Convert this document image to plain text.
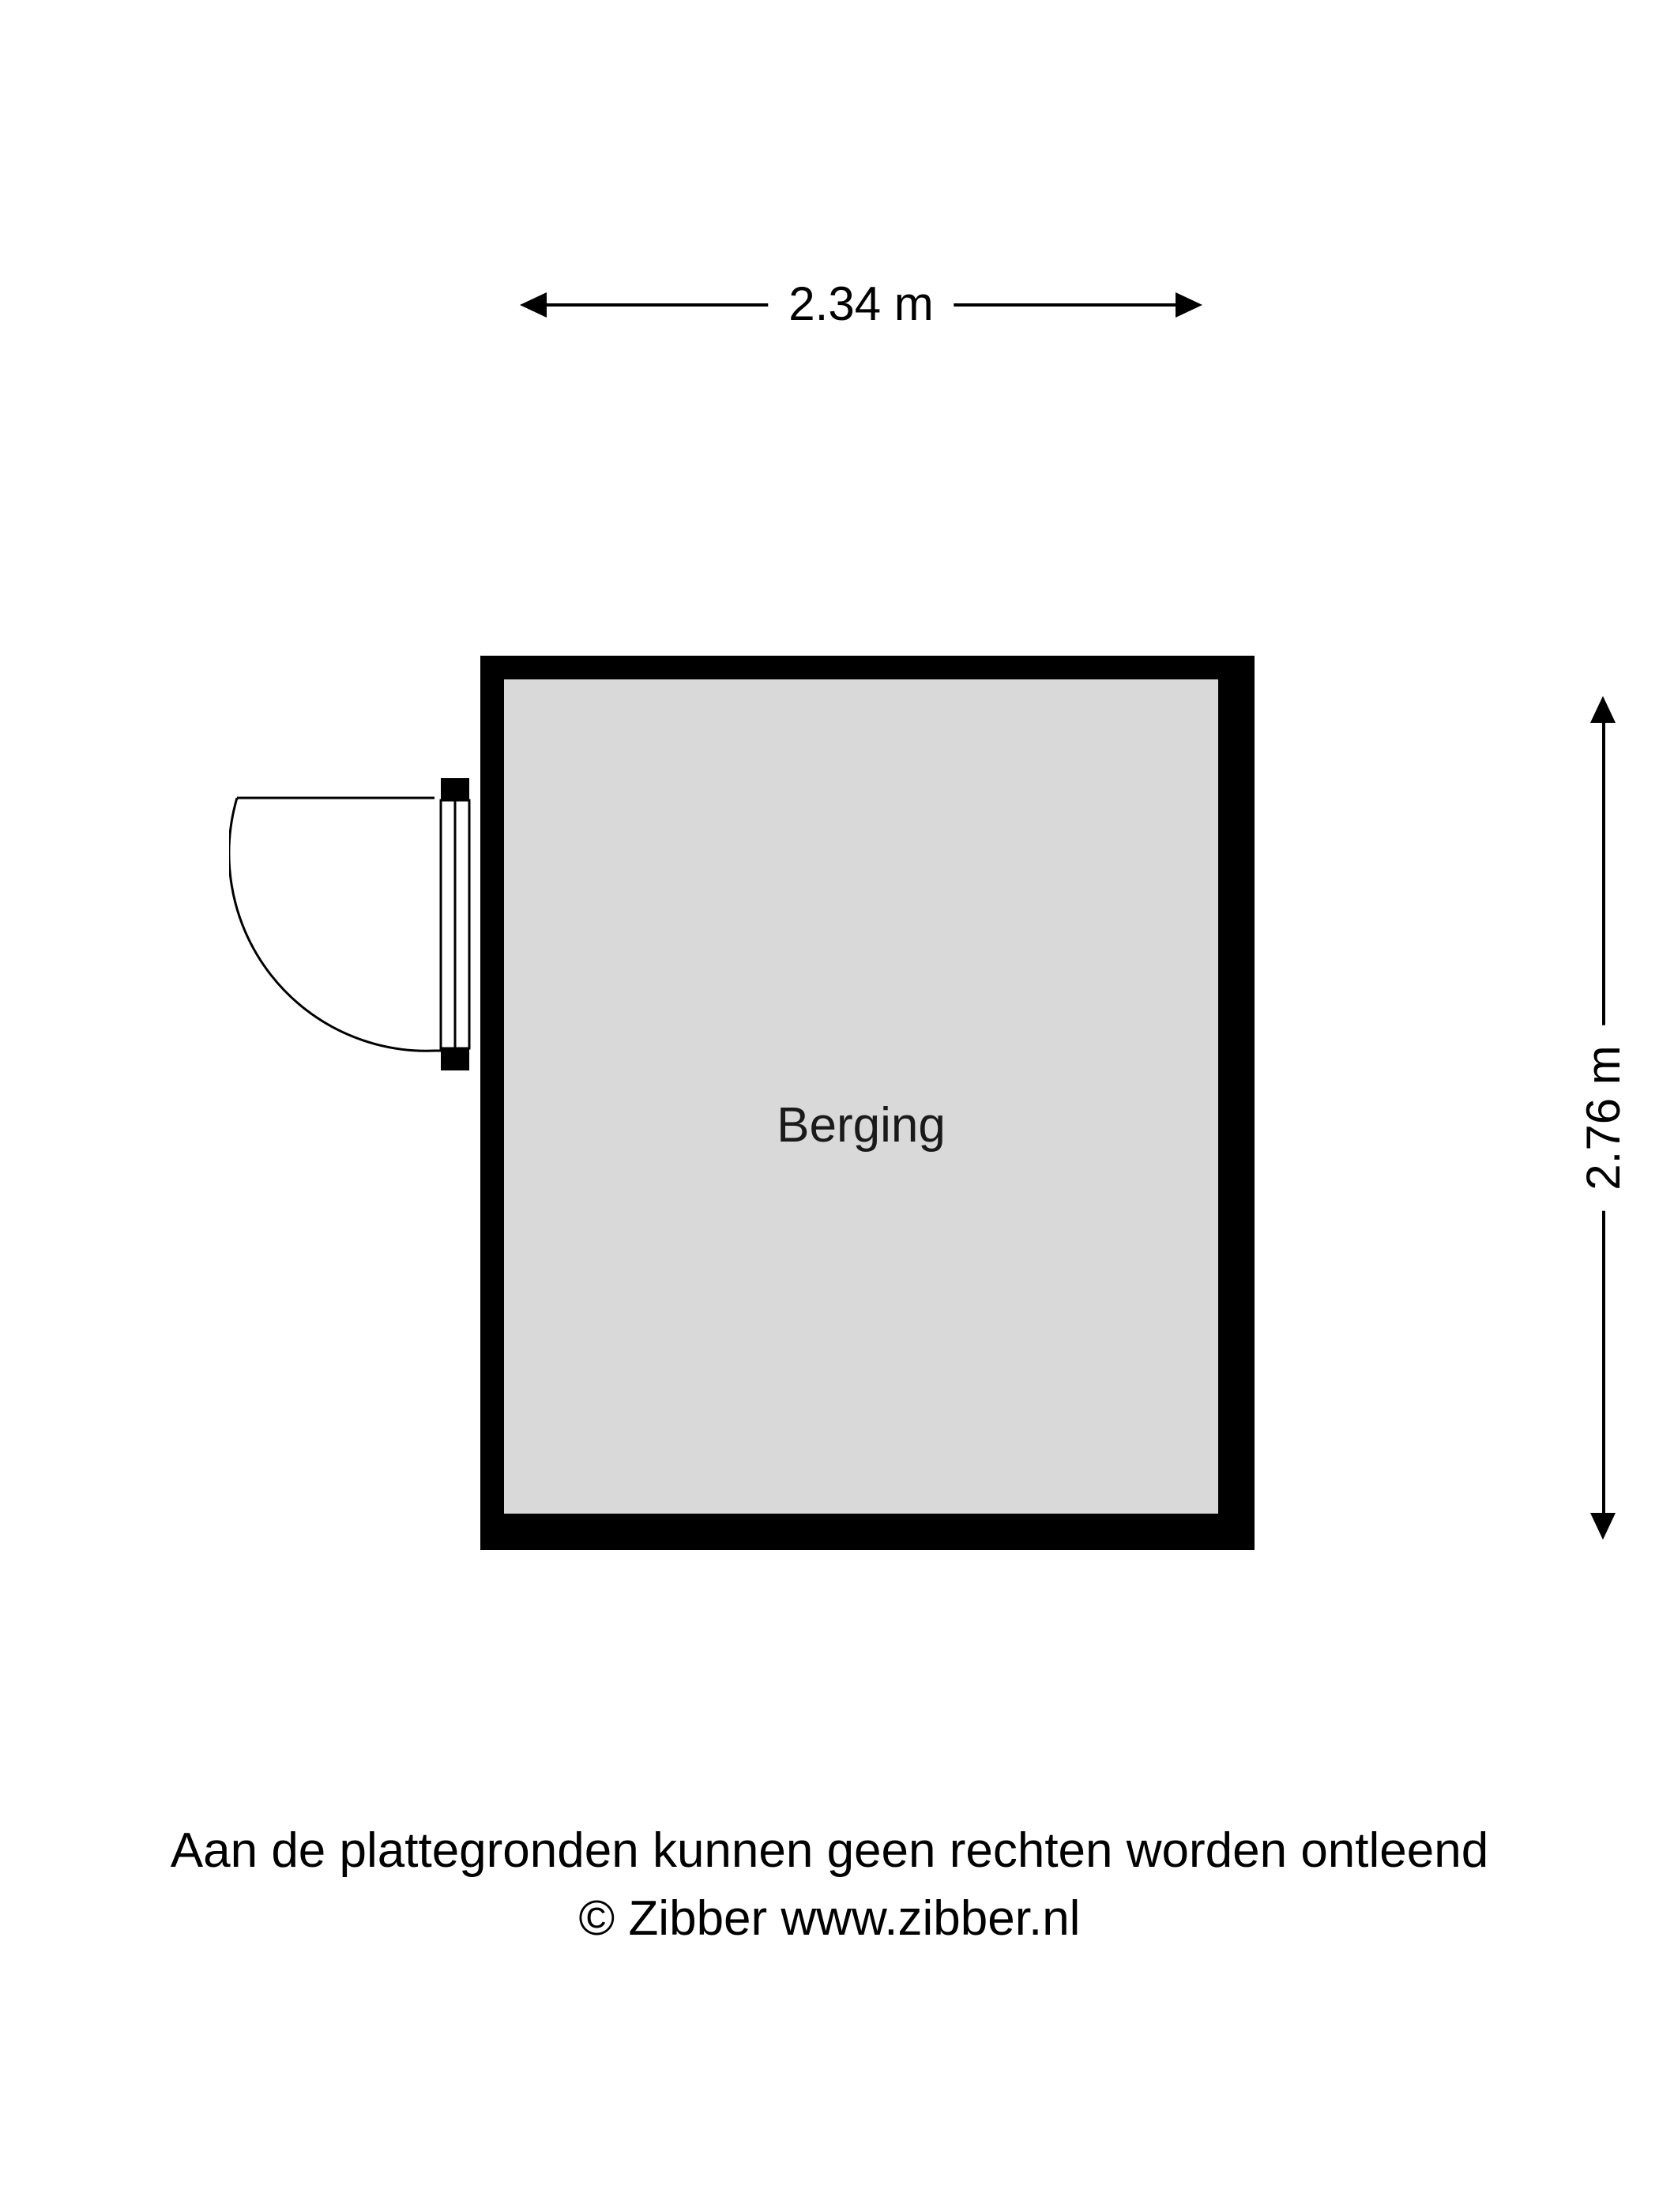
2.34 m
2.76 m
Berging
Aan de plattegronden kunnen geen rechten worden ontleend
© Zibber www.zibber.nl
